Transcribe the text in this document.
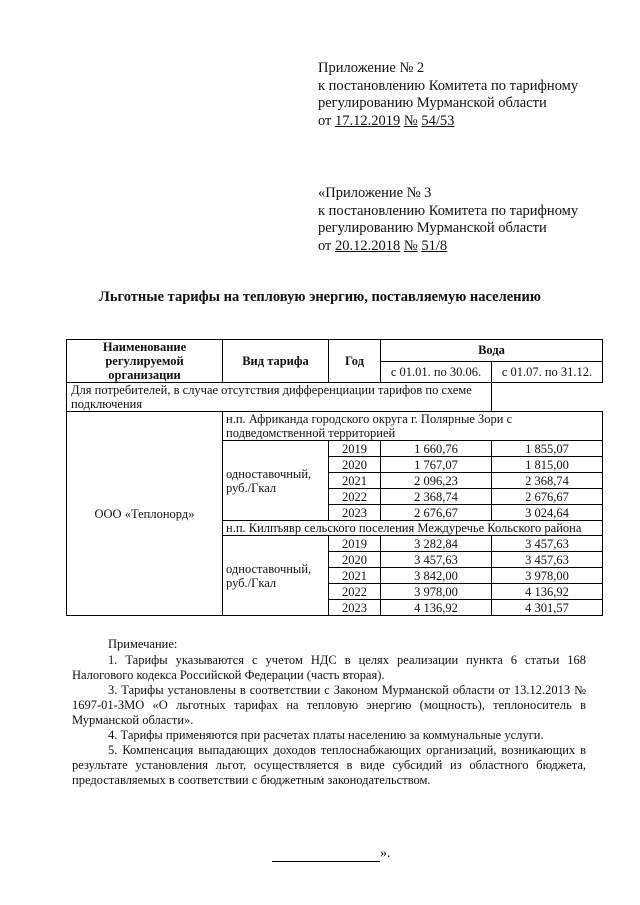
Приложение № 2
к постановлению Комитета по тарифному
регулированию Мурманской области
от 17.12.2019 № 54/53
«Приложение № 3
к постановлению Комитета по тарифному
регулированию Мурманской области
от 20.12.2018 № 51/8
Льготные тарифы на тепловую энергию, поставляемую населению
Наименование регулируемой организации	Вид тарифа	Год	Вода	
			с 01.01. по 30.06.	с 01.07. по 31.12.
Для потребителей, в случае отсутствия дифференциации тарифов по схеме подключения				
ООО «Теплонорд»	н.п. Африканда городского округа г. Полярные Зори с подведомственной территорией			
	одноставочный, руб./Гкал	2019	1 660,76	1 855,07
		2020	1 767,07	1 815,00
		2021	2 096,23	2 368,74
		2022	2 368,74	2 676,67
		2023	2 676,67	3 024,64
	н.п. Килпъявр сельского поселения Междуречье Кольского района			
	одноставочный, руб./Гкал	2019	3 282,84	3 457,63
		2020	3 457,63	3 457,63
		2021	3 842,00	3 978,00
		2022	3 978,00	4 136,92
		2023	4 136,92	4 301,57

Примечание:

1. Тарифы указываются с учетом НДС в целях реализации пункта 6 статьи 168 Налогового кодекса Российской Федерации (часть вторая).

3. Тарифы установлены в соответствии с Законом Мурманской области от 13.12.2013 № 1697-01-ЗМО «О льготных тарифах на тепловую энергию (мощность), теплоноситель в Мурманской области».

4. Тарифы применяются при расчетах платы населению за коммунальные услуги.

5. Компенсация выпадающих доходов теплоснабжающих организаций, возникающих в результате установления льгот, осуществляется в виде субсидий из областного бюджета, предоставляемых в соответствии с бюджетным законодательством.

».
